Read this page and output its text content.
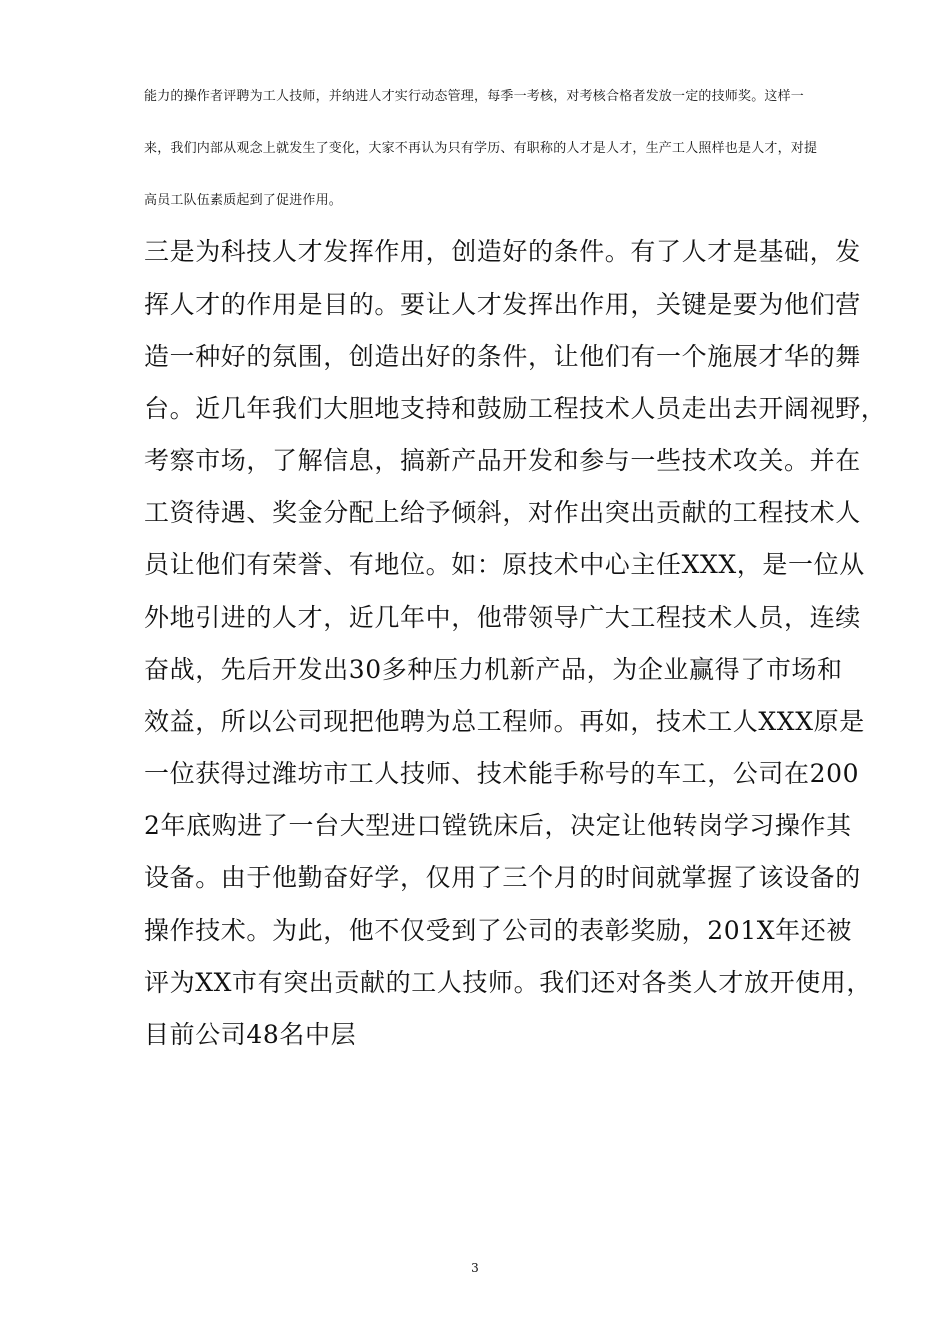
能力的操作者评聘为工人技师，并纳进人才实行动态管理，每季一考核，对考核合格者发放一定的技师奖。这样一
来，我们内部从观念上就发生了变化，大家不再认为只有学历、有职称的人才是人才，生产工人照样也是人才，对提
高员工队伍素质起到了促进作用。
三是为科技人才发挥作用，创造好的条件。有了人才是基础，发
挥人才的作用是目的。要让人才发挥出作用，关键是要为他们营
造一种好的氛围，创造出好的条件，让他们有一个施展才华的舞
台。近几年我们大胆地支持和鼓励工程技术人员走出去开阔视野，
考察市场，了解信息，搞新产品开发和参与一些技术攻关。并在
工资待遇、奖金分配上给予倾斜，对作出突出贡献的工程技术人
员让他们有荣誉、有地位。如：原技术中心主任XXX，是一位从
外地引进的人才，近几年中，他带领导广大工程技术人员，连续
奋战，先后开发出30多种压力机新产品，为企业赢得了市场和
效益，所以公司现把他聘为总工程师。再如，技术工人XXX原是
一位获得过潍坊市工人技师、技术能手称号的车工，公司在200
2年底购进了一台大型进口镗铣床后，决定让他转岗学习操作其
设备。由于他勤奋好学，仅用了三个月的时间就掌握了该设备的
操作技术。为此，他不仅受到了公司的表彰奖励，201X年还被
评为XX市有突出贡献的工人技师。我们还对各类人才放开使用，
目前公司48名中层
3
